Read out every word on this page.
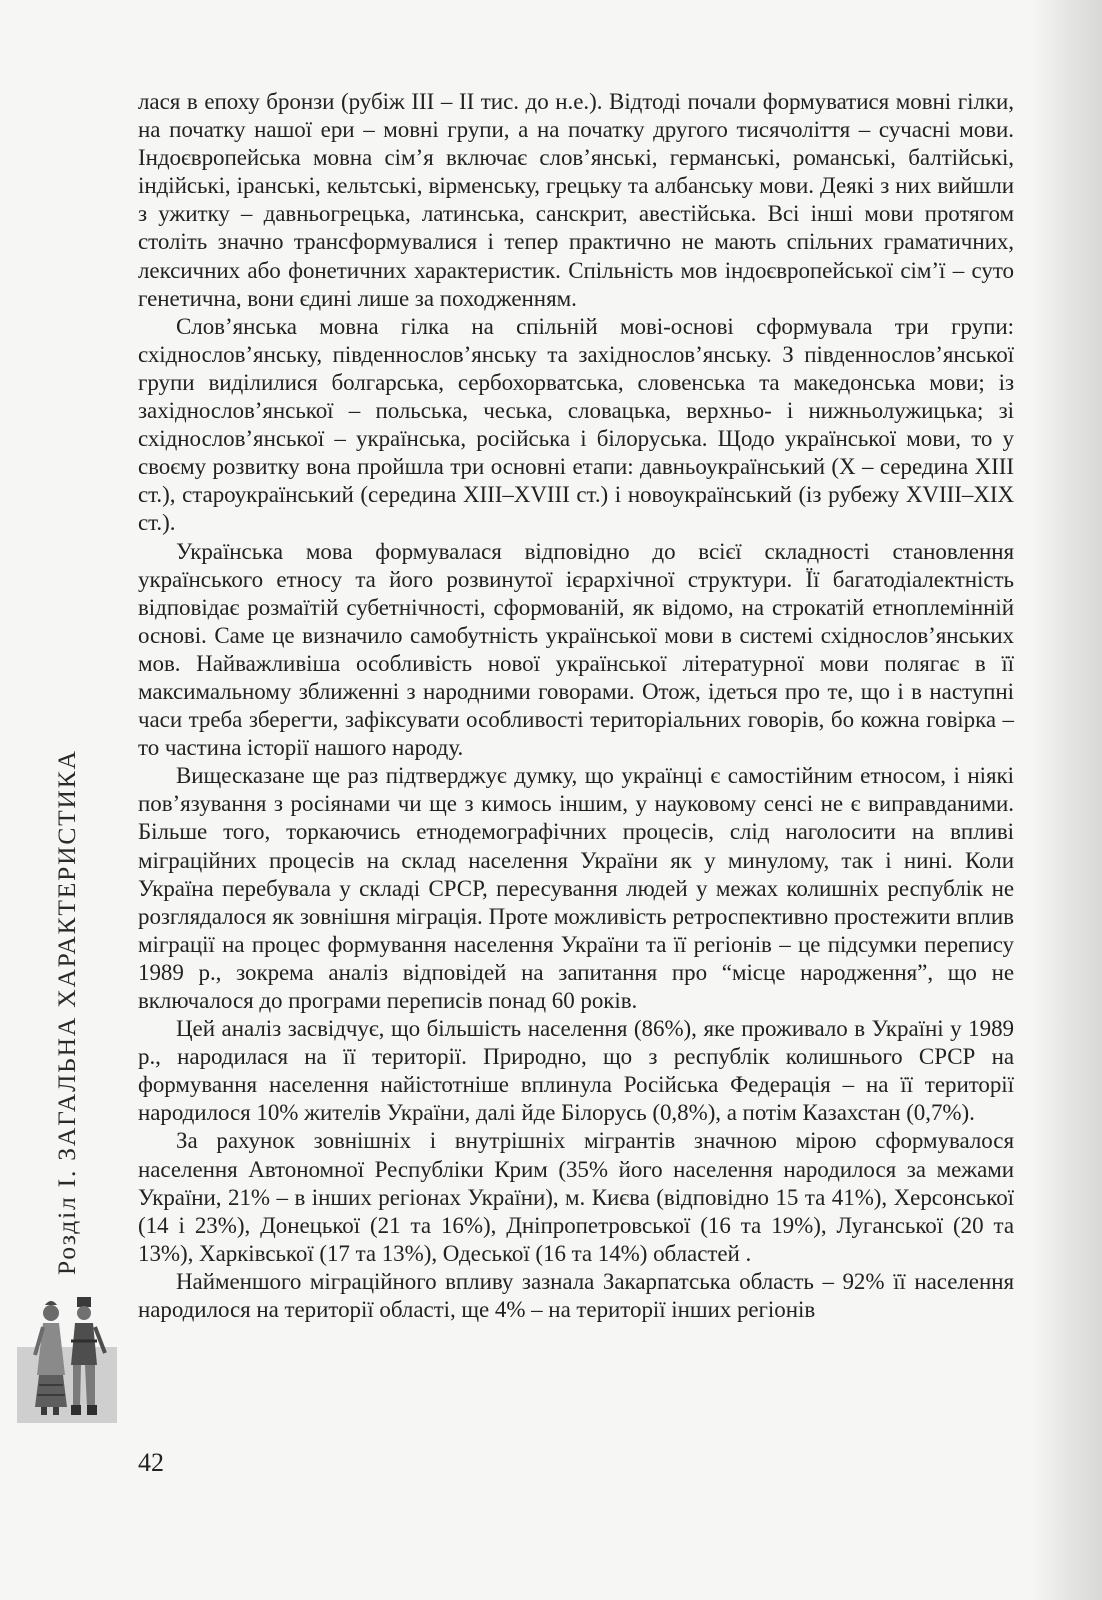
лася в епоху бронзи (рубіж III – II тис. до н.е.). Відтоді почали формуватися мовні гілки, на початку нашої ери – мовні групи, а на початку другого тисячоліття – сучасні мови. Індоєвропейська мовна сім’я включає слов’янські, германські, романські, балтійські, індійські, іранські, кельтські, вірменську, грецьку та албанську мови. Деякі з них вийшли з ужитку – давньогрецька, латинська, санскрит, авестійська. Всі інші мови протягом століть значно трансформувалися і тепер практично не мають спільних граматичних, лексичних або фонетичних характеристик. Спільність мов індоєвропейської сім’ї – суто генетична, вони єдині лише за походженням.

Слов’янська мовна гілка на спільній мові-основі сформувала три групи: східнослов’янську, південнослов’янську та західнослов’янську. З південнослов’янської групи виділилися болгарська, сербохорватська, словенська та македонська мови; із західнослов’янської – польська, чеська, словацька, верхньо- і нижньолужицька; зі східнослов’янської – українська, російська і білоруська. Щодо української мови, то у своєму розвитку вона пройшла три основні етапи: давньоукраїнський (X – середина XIII ст.), староукраїнський (середина XIII–XVIII ст.) і новоукраїнський (із рубежу XVIII–XIX ст.).

Українська мова формувалася відповідно до всієї складності становлення українського етносу та його розвинутої ієрархічної структури. Її багатодіалектність відповідає розмаїтій субетнічності, сформованій, як відомо, на строкатій етноплемінній основі. Саме це визначило самобутність української мови в системі східнослов’янських мов. Найважливіша особливість нової української літературної мови полягає в її максимальному зближенні з народними говорами. Отож, ідеться про те, що і в наступні часи треба зберегти, зафіксувати особливості територіальних говорів, бо кожна говірка – то частина історії нашого народу.

Вищесказане ще раз підтверджує думку, що українці є самостійним етносом, і ніякі пов’язування з росіянами чи ще з кимось іншим, у науковому сенсі не є виправданими. Більше того, торкаючись етнодемографічних процесів, слід наголосити на впливі міграційних процесів на склад населення України як у минулому, так і нині. Коли Україна перебувала у складі СРСР, пересування людей у межах колишніх республік не розглядалося як зовнішня міграція. Проте можливість ретроспективно простежити вплив міграції на процес формування населення України та її регіонів – це підсумки перепису 1989 р., зокрема аналіз відповідей на запитання про “місце народження”, що не включалося до програми переписів понад 60 років.

Цей аналіз засвідчує, що більшість населення (86%), яке проживало в Україні у 1989 р., народилася на її території. Природно, що з республік колишнього СРСР на формування населення найістотніше вплинула Російська Федерація – на її території народилося 10% жителів України, далі йде Білорусь (0,8%), а потім Казахстан (0,7%).

За рахунок зовнішніх і внутрішніх мігрантів значною мірою сформувалося населення Автономної Республіки Крим (35% його населення народилося за межами України, 21% – в інших регіонах України), м. Києва (відповідно 15 та 41%), Херсонської (14 і 23%), Донецької (21 та 16%), Дніпропетровської (16 та 19%), Луганської (20 та 13%), Харківської (17 та 13%), Одеської (16 та 14%) областей .

Найменшого міграційного впливу зазнала Закарпатська область – 92% її населення народилося на території області, ще 4% – на території інших регіонів

Розділ І. ЗАГАЛЬНА ХАРАКТЕРИСТИКА
42
